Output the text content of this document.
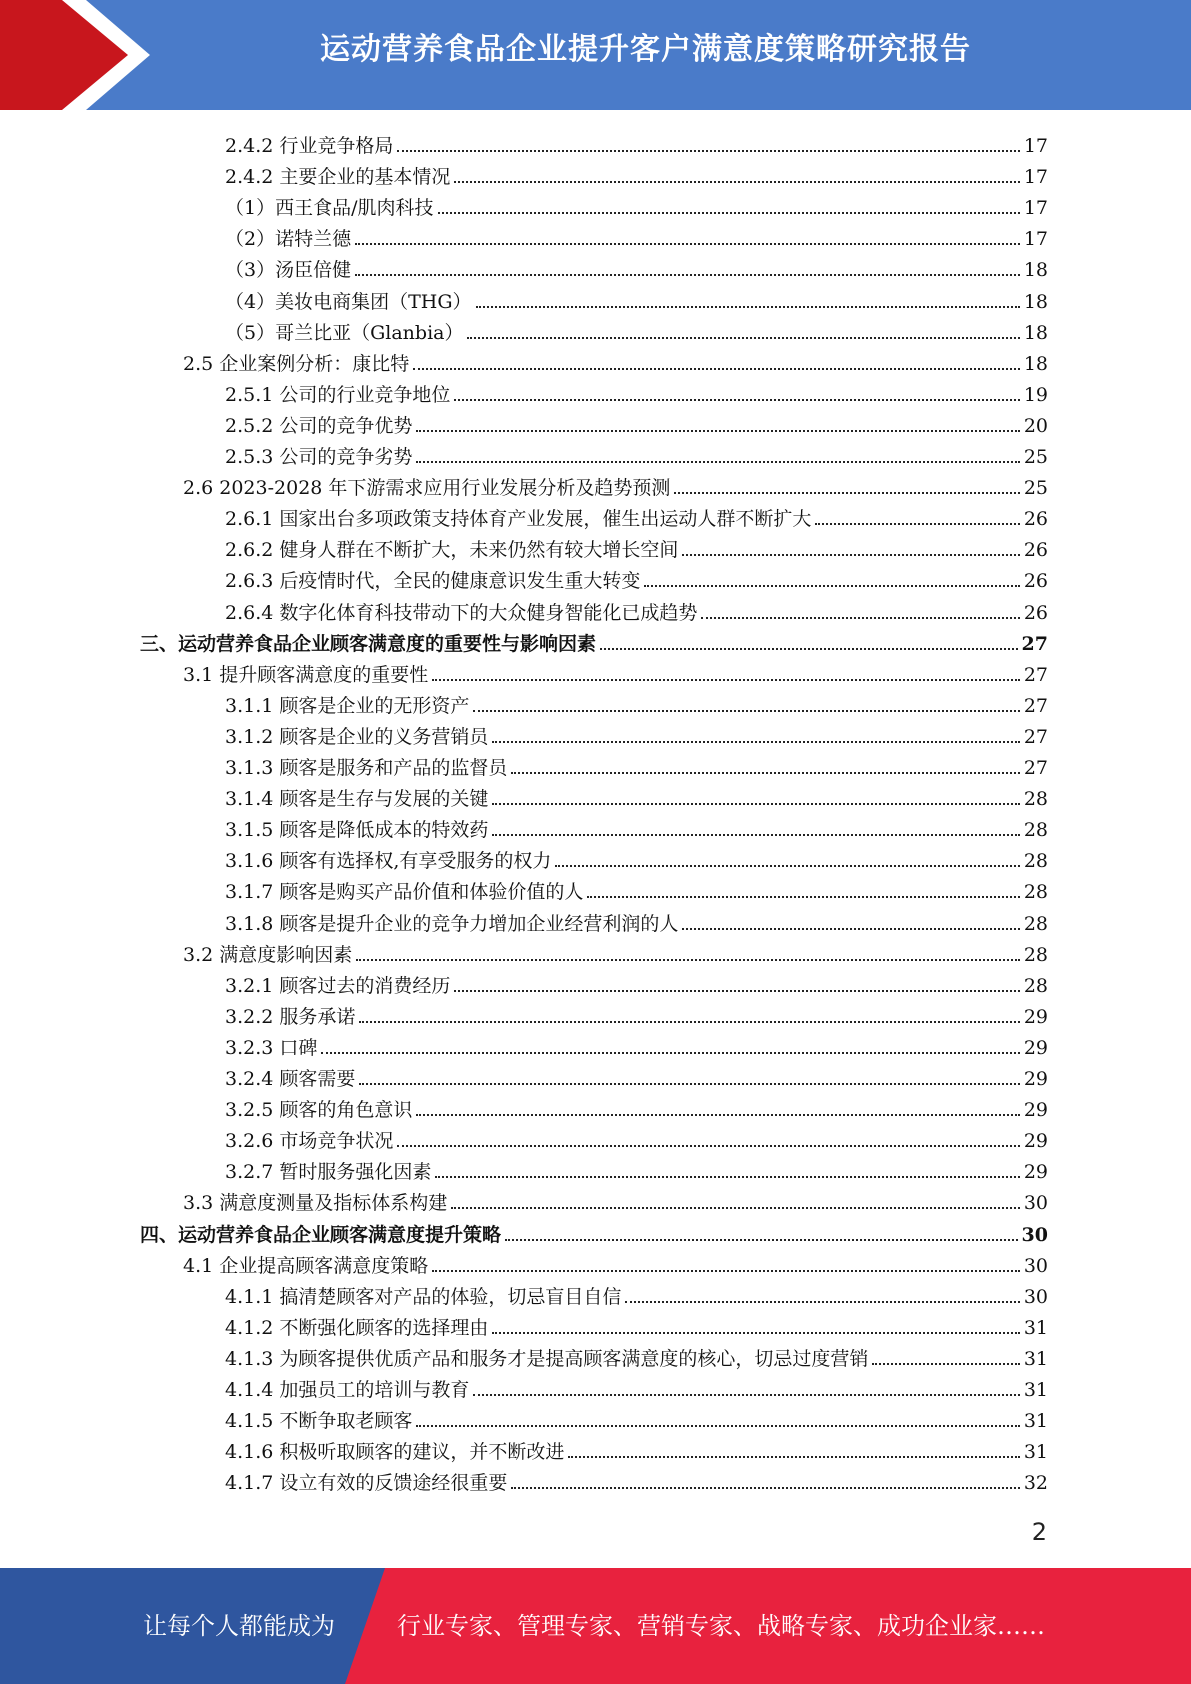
运动营养食品企业提升客户满意度策略研究报告
2.4.2 行业竞争格局	17
2.4.2 主要企业的基本情况	17
（1）西王食品/肌肉科技	17
（2）诺特兰德	17
（3）汤臣倍健	18
（4）美妆电商集团（THG）	18
（5）哥兰比亚（Glanbia）	18
2.5 企业案例分析：康比特	18
2.5.1 公司的行业竞争地位	19
2.5.2 公司的竞争优势	20
2.5.3 公司的竞争劣势	25
2.6 2023-2028 年下游需求应用行业发展分析及趋势预测	25
2.6.1 国家出台多项政策支持体育产业发展，催生出运动人群不断扩大	26
2.6.2 健身人群在不断扩大，未来仍然有较大增长空间	26
2.6.3 后疫情时代，全民的健康意识发生重大转变	26
2.6.4 数字化体育科技带动下的大众健身智能化已成趋势	26
三、运动营养食品企业顾客满意度的重要性与影响因素	27
3.1 提升顾客满意度的重要性	27
3.1.1 顾客是企业的无形资产	27
3.1.2 顾客是企业的义务营销员	27
3.1.3 顾客是服务和产品的监督员	27
3.1.4 顾客是生存与发展的关键	28
3.1.5 顾客是降低成本的特效药	28
3.1.6 顾客有选择权,有享受服务的权力	28
3.1.7 顾客是购买产品价值和体验价值的人	28
3.1.8 顾客是提升企业的竞争力增加企业经营利润的人	28
3.2 满意度影响因素	28
3.2.1 顾客过去的消费经历	28
3.2.2 服务承诺	29
3.2.3 口碑	29
3.2.4 顾客需要	29
3.2.5 顾客的角色意识	29
3.2.6 市场竞争状况	29
3.2.7 暂时服务强化因素	29
3.3 满意度测量及指标体系构建	30
四、运动营养食品企业顾客满意度提升策略	30
4.1 企业提高顾客满意度策略	30
4.1.1 搞清楚顾客对产品的体验，切忌盲目自信	30
4.1.2 不断强化顾客的选择理由	31
4.1.3 为顾客提供优质产品和服务才是提高顾客满意度的核心，切忌过度营销	31
4.1.4 加强员工的培训与教育	31
4.1.5 不断争取老顾客	31
4.1.6 积极听取顾客的建议，并不断改进	31
4.1.7 设立有效的反馈途经很重要	32
2
让每个人都能成为	行业专家、管理专家、营销专家、战略专家、成功企业家……
